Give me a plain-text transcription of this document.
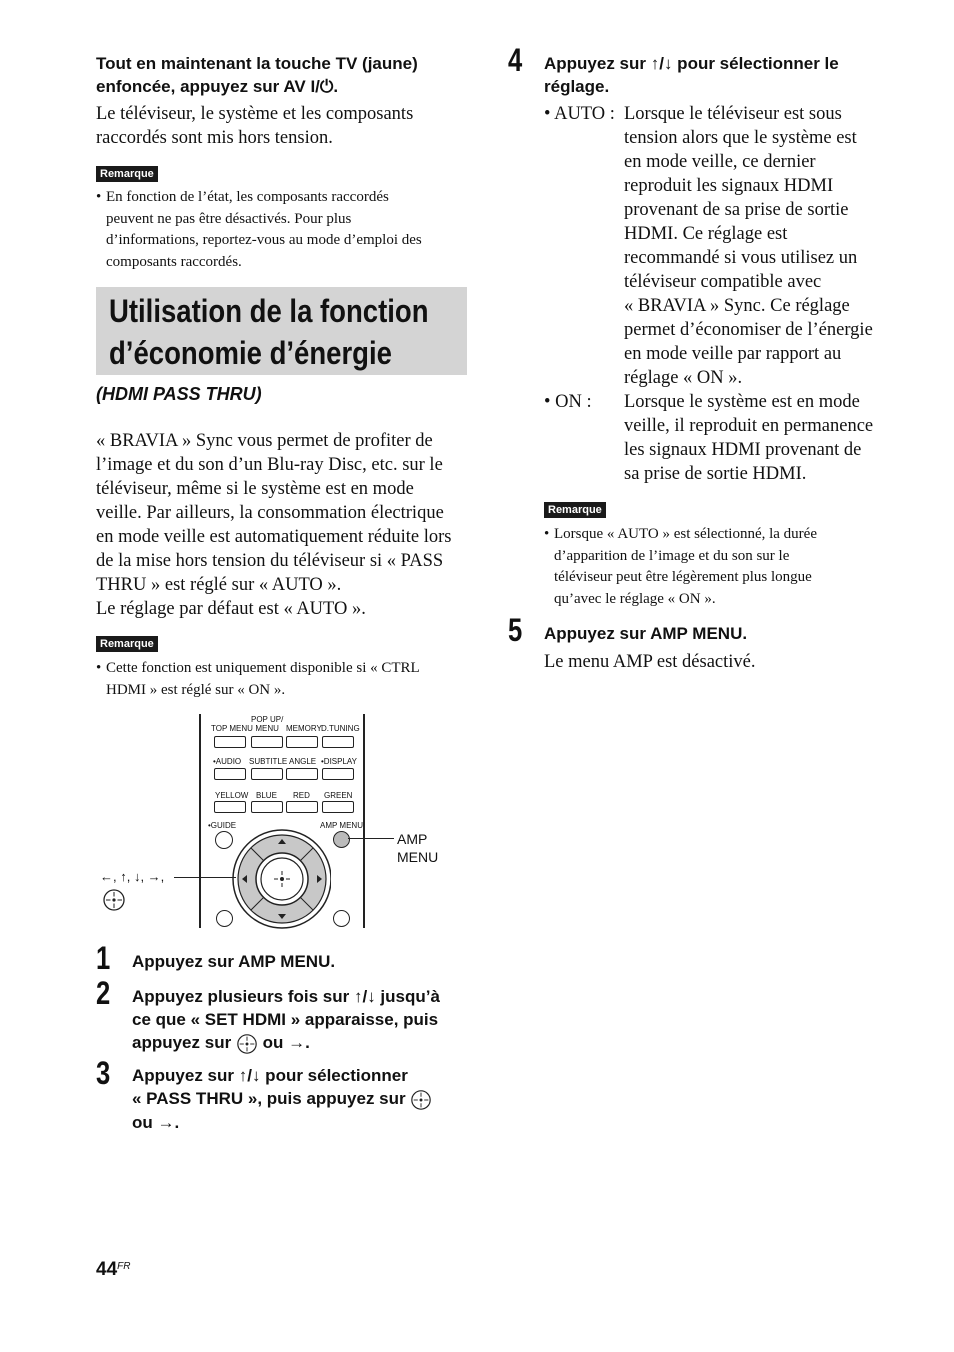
Tout en maintenant la touche TV (jaune)
enfoncée, appuyez sur AV I/⏻.
Le téléviseur, le système et les composants
raccordés sont mis hors tension.
Remarque
• En fonction de l’état, les composants raccordés
peuvent ne pas être désactivés. Pour plus
d’informations, reportez-vous au mode d’emploi des
composants raccordés.
Utilisation de la fonction
d’économie d’énergie
(HDMI PASS THRU)
« BRAVIA » Sync vous permet de profiter de
l’image et du son d’un Blu-ray Disc, etc. sur le
téléviseur, même si le système est en mode
veille. Par ailleurs, la consommation électrique
en mode veille est automatiquement réduite lors
de la mise hors tension du téléviseur si « PASS
THRU » est réglé sur « AUTO ».
Le réglage par défaut est « AUTO ».
Remarque
• Cette fonction est uniquement disponible si « CTRL
HDMI » est réglé sur « ON ».
TOP MENU
POP UP/
MENU MEMORY D.TUNING
•AUDIO SUBTITLE ANGLE •DISPLAY
YELLOW BLUE RED GREEN
•GUIDE	AMP MENU
AMP
MENU
←, ↑, ↓, →,
1 Appuyez sur AMP MENU.
2 Appuyez plusieurs fois sur ↑/↓ jusqu’à
ce que « SET HDMI » apparaisse, puis
appuyez sur ou →.
3 Appuyez sur ↑/↓ pour sélectionner
« PASS THRU », puis appuyez sur
ou →.
4 Appuyez sur ↑/↓ pour sélectionner le
réglage.
• AUTO : Lorsque le téléviseur est sous
tension alors que le système est
en mode veille, ce dernier
reproduit les signaux HDMI
provenant de sa prise de sortie
HDMI. Ce réglage est
recommandé si vous utilisez un
téléviseur compatible avec
« BRAVIA » Sync. Ce réglage
permet d’économiser de l’énergie
en mode veille par rapport au
réglage « ON ».
• ON : Lorsque le système est en mode
veille, il reproduit en permanence
les signaux HDMI provenant de
sa prise de sortie HDMI.
Remarque
• Lorsque « AUTO » est sélectionné, la durée
d’apparition de l’image et du son sur le
téléviseur peut être légèrement plus longue
qu’avec le réglage « ON ».
5 Appuyez sur AMP MENU.
Le menu AMP est désactivé.
$44^{FR}$
